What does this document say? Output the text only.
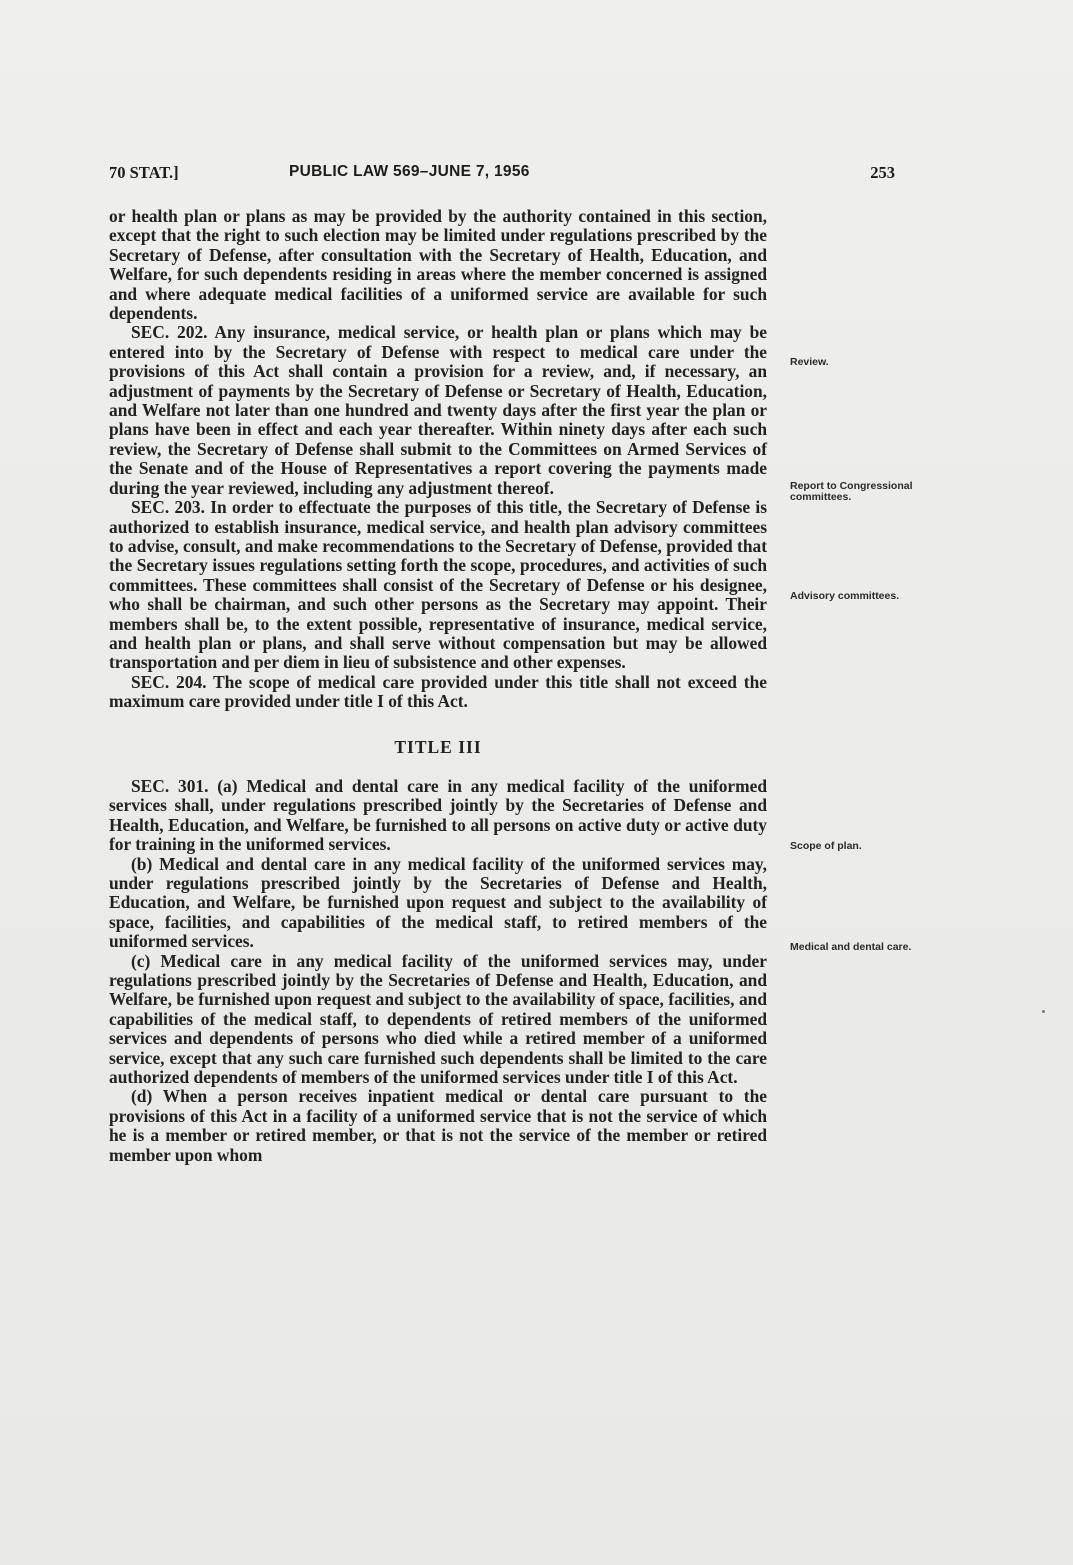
70 STAT.]	PUBLIC LAW 569–JUNE 7, 1956	253

or health plan or plans as may be provided by the authority contained in this section, except that the right to such election may be limited under regulations prescribed by the Secretary of Defense, after consultation with the Secretary of Health, Education, and Welfare, for such dependents residing in areas where the member concerned is assigned and where adequate medical facilities of a uniformed service are available for such dependents.

SEC. 202. Any insurance, medical service, or health plan or plans which may be entered into by the Secretary of Defense with respect to medical care under the provisions of this Act shall contain a provision for a review, and, if necessary, an adjustment of payments by the Secretary of Defense or Secretary of Health, Education, and Welfare not later than one hundred and twenty days after the first year the plan or plans have been in effect and each year thereafter. Within ninety days after each such review, the Secretary of Defense shall submit to the Committees on Armed Services of the Senate and of the House of Representatives a report covering the payments made during the year reviewed, including any adjustment thereof.

SEC. 203. In order to effectuate the purposes of this title, the Secretary of Defense is authorized to establish insurance, medical service, and health plan advisory committees to advise, consult, and make recommendations to the Secretary of Defense, provided that the Secretary issues regulations setting forth the scope, procedures, and activities of such committees. These committees shall consist of the Secretary of Defense or his designee, who shall be chairman, and such other persons as the Secretary may appoint. Their members shall be, to the extent possible, representative of insurance, medical service, and health plan or plans, and shall serve without compensation but may be allowed transportation and per diem in lieu of subsistence and other expenses.

SEC. 204. The scope of medical care provided under this title shall not exceed the maximum care provided under title I of this Act.

TITLE III

SEC. 301. (a) Medical and dental care in any medical facility of the uniformed services shall, under regulations prescribed jointly by the Secretaries of Defense and Health, Education, and Welfare, be furnished to all persons on active duty or active duty for training in the uniformed services.

(b) Medical and dental care in any medical facility of the uniformed services may, under regulations prescribed jointly by the Secretaries of Defense and Health, Education, and Welfare, be furnished upon request and subject to the availability of space, facilities, and capabilities of the medical staff, to retired members of the uniformed services.

(c) Medical care in any medical facility of the uniformed services may, under regulations prescribed jointly by the Secretaries of Defense and Health, Education, and Welfare, be furnished upon request and subject to the availability of space, facilities, and capabilities of the medical staff, to dependents of retired members of the uniformed services and dependents of persons who died while a retired member of a uniformed service, except that any such care furnished such dependents shall be limited to the care authorized dependents of members of the uniformed services under title I of this Act.

(d) When a person receives inpatient medical or dental care pursuant to the provisions of this Act in a facility of a uniformed service that is not the service of which he is a member or retired member, or that is not the service of the member or retired member upon whom

Review.
Report to Congressional committees.
Advisory committees.
Scope of plan.
Medical and dental care.
